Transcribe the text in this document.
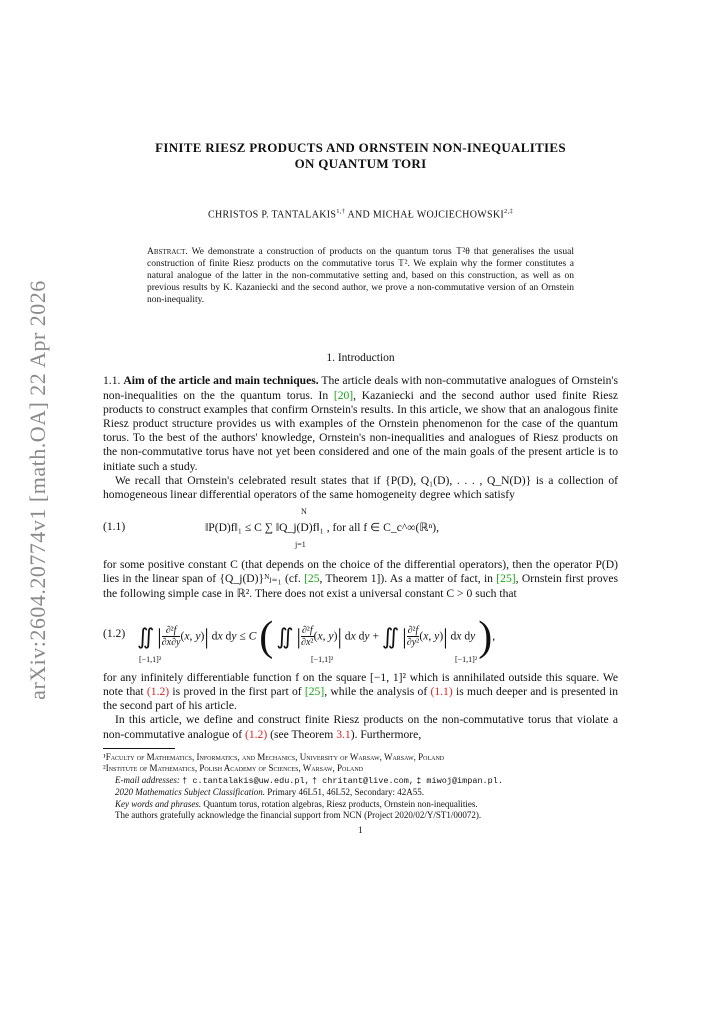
arXiv:2604.20774v1 [math.OA] 22 Apr 2026
FINITE RIESZ PRODUCTS AND ORNSTEIN NON-INEQUALITIES
ON QUANTUM TORI
CHRISTOS P. $TANTALAKIS^{1,\dagger}$ AND MICHAŁ $WOJCIECHOWSKI^{2,\ddagger}$
Abstract. We demonstrate a construction of products on the quantum torus 𝕋²θ that generalises the usual construction of finite Riesz products on the commutative torus 𝕋². We explain why the former constitutes a natural analogue of the latter in the non-commutative setting and, based on this construction, as well as on previous results by K. Kazaniecki and the second author, we prove a non-commutative version of an Ornstein non-inequality.
1. Introduction

1.1. Aim of the article and main techniques. The article deals with non-commutative analogues of Ornstein's non-inequalities on the the quantum torus. In [20], Kazaniecki and the second author used finite Riesz products to construct examples that confirm Ornstein's results. In this article, we show that an analogous finite Riesz product structure provides us with examples of the Ornstein phenomenon for the case of the quantum torus. To the best of the authors' knowledge, Ornstein's non-inequalities and analogues of Riesz products on the non-commutative torus have not yet been considered and one of the main goals of the present article is to initiate such a study.

We recall that Ornstein's celebrated result states that if {P(D), Q₁(D), . . . , Q_N(D)} is a collection of homogeneous linear differential operators of the same homogeneity degree which satisfy

(1.1)	‖P(D)f‖₁ ≤ C ∑ ‖Q_j(D)f‖₁ , for all f ∈ C_c^∞(ℝⁿ),
N
j=1

for some positive constant C (that depends on the choice of the differential operators), then the operator P(D) lies in the linear span of {Q_j(D)}ᴺⱼ₌₁ (cf. [25, Theorem 1]). As a matter of fact, in [25], Ornstein first proves the following simple case in ℝ². There does not exist a universal constant C > 0 such that

(1.2) ∬ | $\frac{\text{∂²f}}{\partial x\partial y} (x$, y)| dx dy ≤ C ( ∬ | $\frac{\text{∂²f}}{\text{∂x²}} (x$, y)| dx dy + ∬ | $\frac{\text{∂²f}}{\text{∂y²}} (x$, y)| dx dy ),
[−1,1]²	[−1,1]²	[−1,1]²

for any infinitely differentiable function f on the square [−1, 1]² which is annihilated outside this square. We note that (1.2) is proved in the first part of [25], while the analysis of (1.1) is much deeper and is presented in the second part of his article.

In this article, we define and construct finite Riesz products on the non-commutative torus that violate a non-commutative analogue of (1.2) (see Theorem 3.1). Furthermore,

¹Faculty of Mathematics, Informatics, and Mechanics, University of Warsaw, Warsaw, Poland
²Institute of Mathematics, Polish Academy of Sciences, Warsaw, Poland
E-mail addresses: † c.tantalakis@uw.edu.pl, † chritant@live.com, ‡ miwoj@impan.pl.
2020 Mathematics Subject Classification. Primary 46L51, 46L52, Secondary: 42A55.
Key words and phrases. Quantum torus, rotation algebras, Riesz products, Ornstein non-inequalities.
The authors gratefully acknowledge the financial support from NCN (Project 2020/02/Y/ST1/00072).
1
